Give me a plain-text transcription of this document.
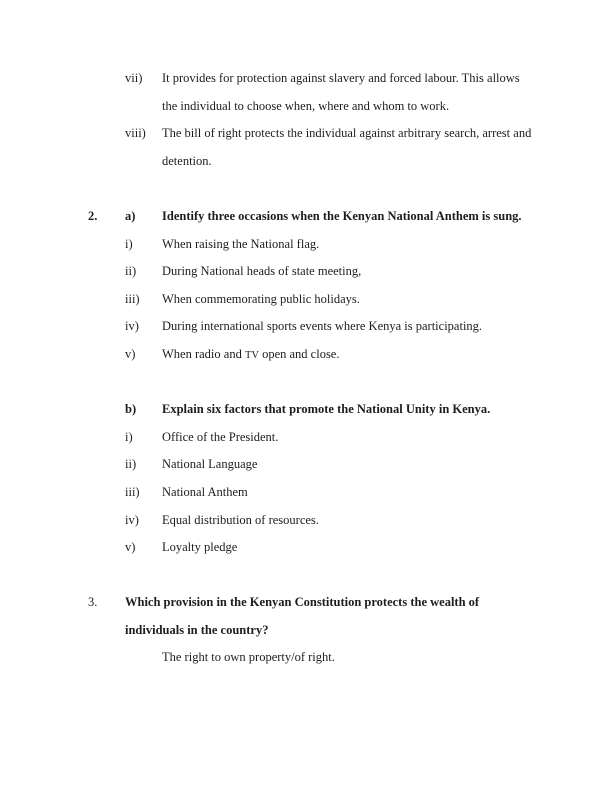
vii) It provides for protection against slavery and forced labour. This allows
the individual to choose when, where and whom to work.
viii) The bill of right protects the individual against arbitrary search, arrest and
detention.
2. a) Identify three occasions when the Kenyan National Anthem is sung.
i) When raising the National flag.
ii) During National heads of state meeting,
iii) When commemorating public holidays.
iv) During international sports events where Kenya is participating.
v) When radio and TV open and close.
b) Explain six factors that promote the National Unity in Kenya.
i) Office of the President.
ii) National Language
iii) National Anthem
iv) Equal distribution of resources.
v) Loyalty pledge
3. Which provision in the Kenyan Constitution protects the wealth of
individuals in the country?
The right to own property/of right.
